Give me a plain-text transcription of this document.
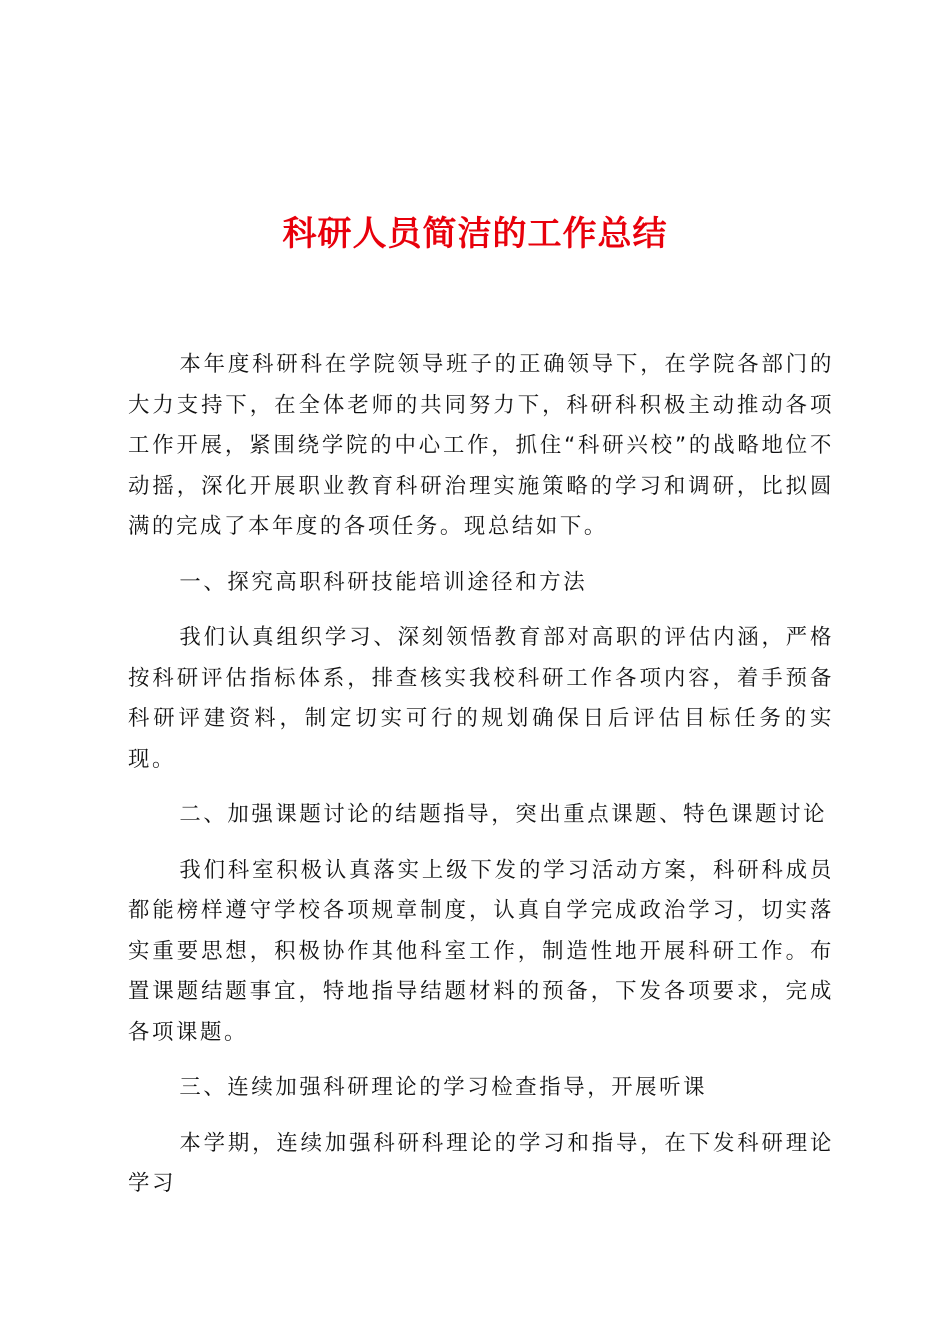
科研人员简洁的工作总结

本年度科研科在学院领导班子的正确领导下，在学院各部门的大力支持下，在全体老师的共同努力下，科研科积极主动推动各项工作开展，紧围绕学院的中心工作，抓住“科研兴校”的战略地位不动摇，深化开展职业教育科研治理实施策略的学习和调研，比拟圆满的完成了本年度的各项任务。现总结如下。

一、探究高职科研技能培训途径和方法

我们认真组织学习、深刻领悟教育部对高职的评估内涵，严格按科研评估指标体系，排查核实我校科研工作各项内容，着手预备科研评建资料，制定切实可行的规划确保日后评估目标任务的实现。

二、加强课题讨论的结题指导，突出重点课题、特色课题讨论

我们科室积极认真落实上级下发的学习活动方案，科研科成员都能榜样遵守学校各项规章制度，认真自学完成政治学习，切实落实重要思想，积极协作其他科室工作，制造性地开展科研工作。布置课题结题事宜，特地指导结题材料的预备，下发各项要求，完成各项课题。

三、连续加强科研理论的学习检查指导，开展听课

本学期，连续加强科研科理论的学习和指导，在下发科研理论学习
